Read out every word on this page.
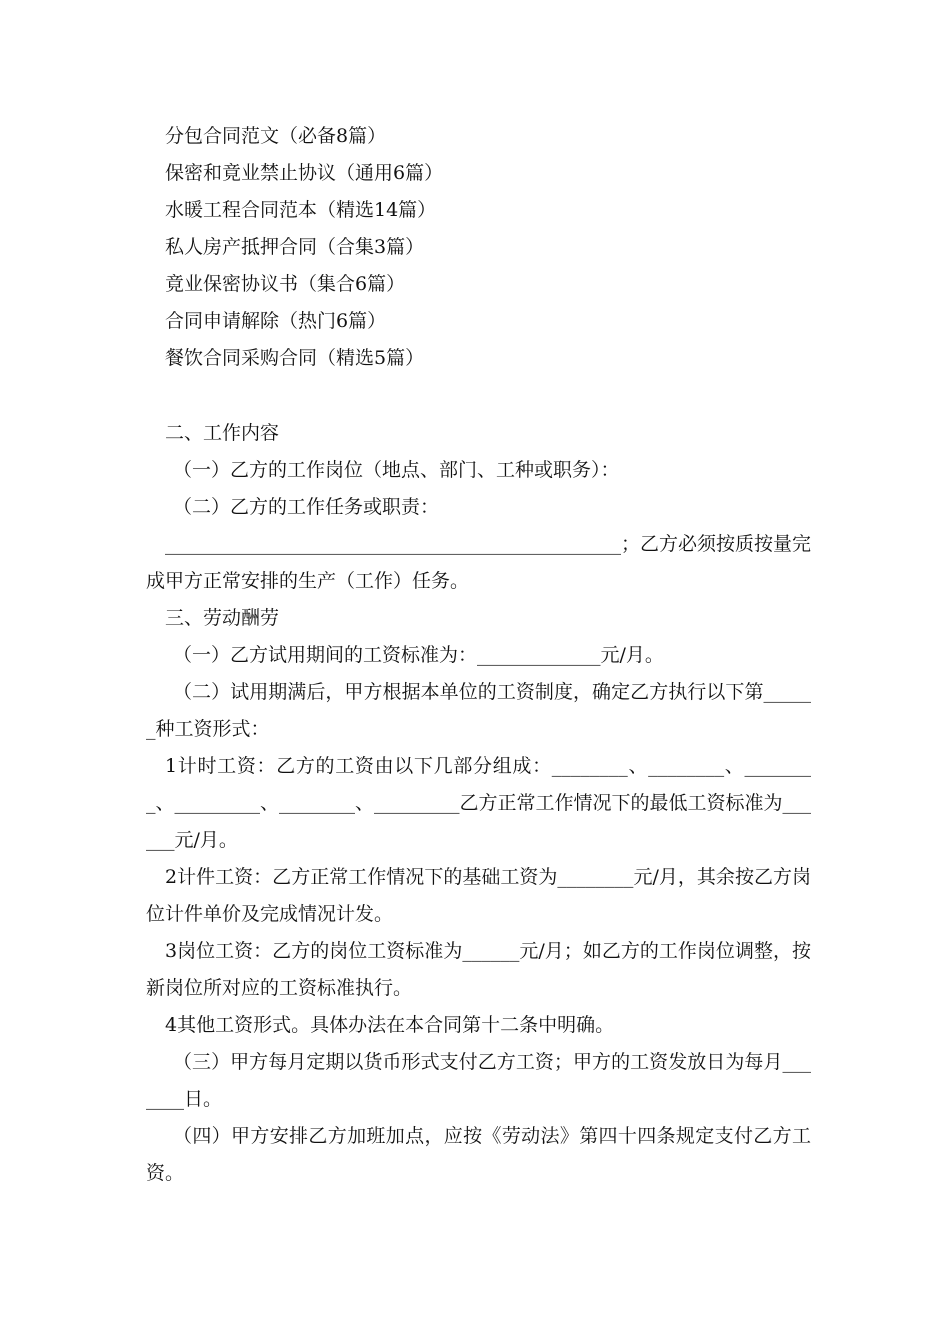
分包合同范文（必备8篇）
保密和竟业禁止协议（通用6篇）
水暖工程合同范本（精选14篇）
私人房产抵押合同（合集3篇）
竟业保密协议书（集合6篇）
合同申请解除（热门6篇）
餐饮合同采购合同（精选5篇）

二、工作内容

（一）乙方的工作岗位（地点、部门、工种或职务）：

（二）乙方的工作任务或职责：

________________________________________________；乙方必须按质按量完成甲方正常安排的生产（工作）任务。

三、劳动酬劳

（一）乙方试用期间的工资标准为：_____________元/月。

（二）试用期满后，甲方根据本单位的工资制度，确定乙方执行以下第______种工资形式：

1计时工资：乙方的工资由以下几部分组成：________、________、________、_________、________、_________乙方正常工作情况下的最低工资标准为______元/月。

2计件工资：乙方正常工作情况下的基础工资为________元/月，其余按乙方岗位计件单价及完成情况计发。

3岗位工资：乙方的岗位工资标准为______元/月；如乙方的工作岗位调整，按新岗位所对应的工资标准执行。

4其他工资形式。具体办法在本合同第十二条中明确。

（三）甲方每月定期以货币形式支付乙方工资；甲方的工资发放日为每月_______日。

（四）甲方安排乙方加班加点，应按《劳动法》第四十四条规定支付乙方工资。
